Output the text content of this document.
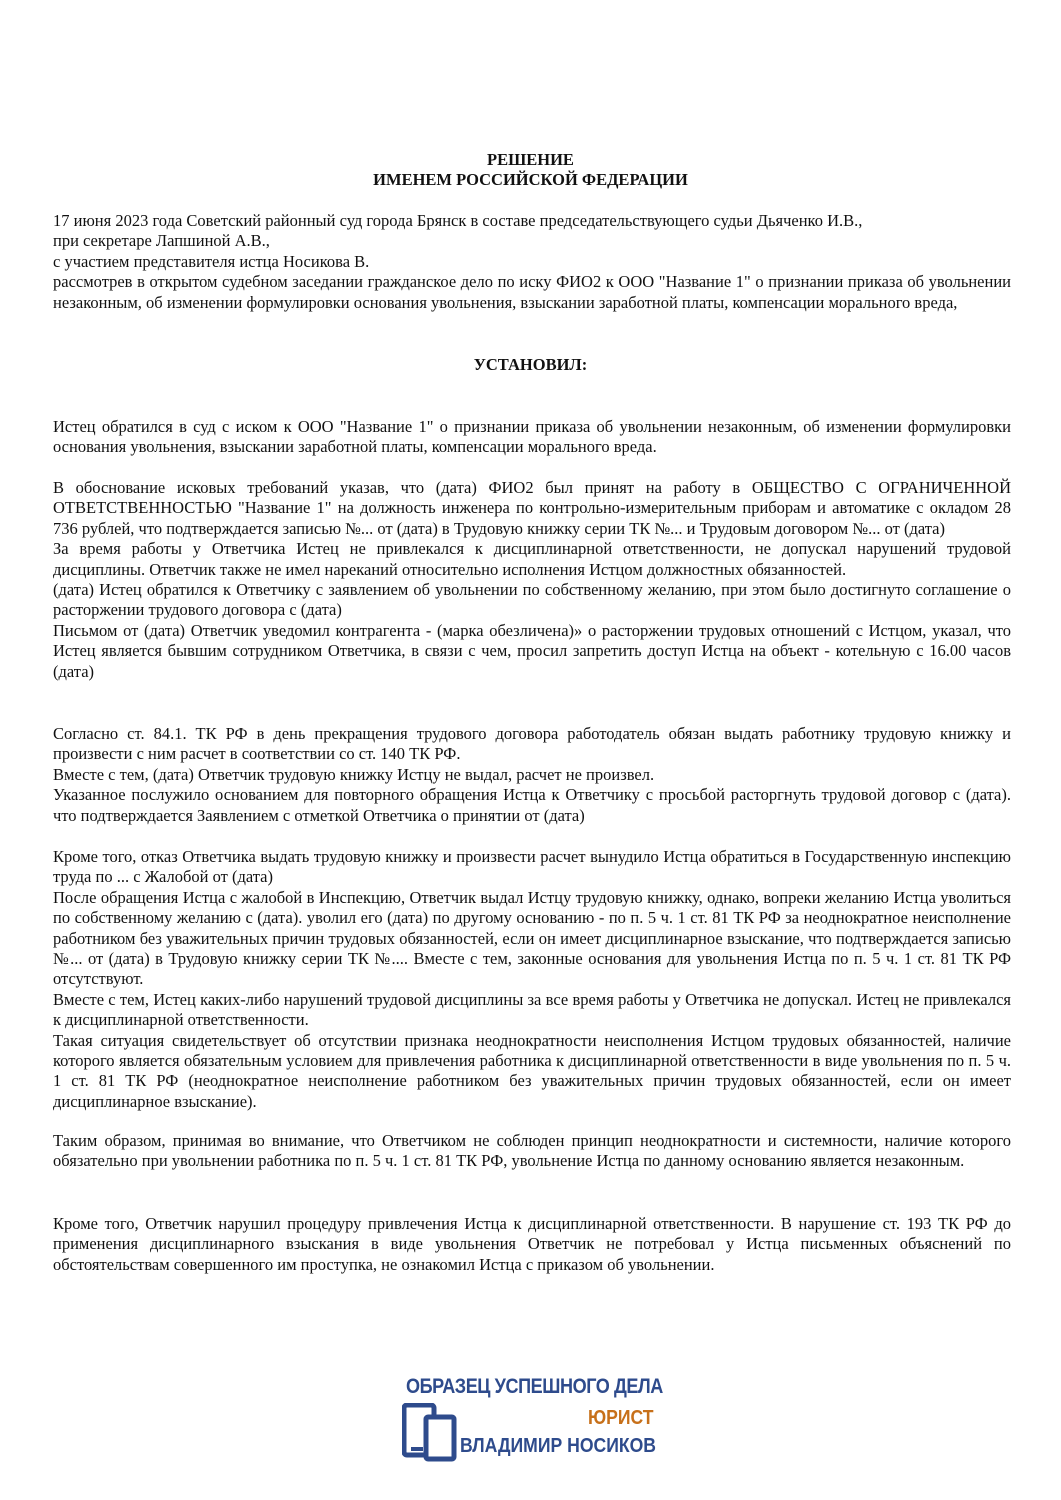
РЕШЕНИЕ
ИМЕНЕМ РОССИЙСКОЙ ФЕДЕРАЦИИ

17 июня 2023 года Советский районный суд города Брянск в составе председательствующего судьи Дьяченко И.В.,

при секретаре Лапшиной А.В.,

с участием представителя истца Носикова В.

рассмотрев в открытом судебном заседании гражданское дело по иску ФИО2 к ООО "Название 1" о признании приказа об увольнении незаконным, об изменении формулировки основания увольнения, взыскании заработной платы, компенсации морального вреда,

УСТАНОВИЛ:

Истец обратился в суд с иском к ООО "Название 1" о признании приказа об увольнении незаконным, об изменении формулировки основания увольнения, взыскании заработной платы, компенсации морального вреда.

В обоснование исковых требований указав, что (дата) ФИО2 был принят на работу в ОБЩЕСТВО С ОГРАНИЧЕННОЙ ОТВЕТСТВЕННОСТЬЮ "Название 1" на должность инженера по контрольно-измерительным приборам и автоматике с окладом 28 736 рублей, что подтверждается записью №... от (дата) в Трудовую книжку серии ТК №... и Трудовым договором №... от (дата)

За время работы у Ответчика Истец не привлекался к дисциплинарной ответственности, не допускал нарушений трудовой дисциплины. Ответчик также не имел нареканий относительно исполнения Истцом должностных обязанностей.

(дата) Истец обратился к Ответчику с заявлением об увольнении по собственному желанию, при этом было достигнуто соглашение о расторжении трудового договора с (дата)

Письмом от (дата) Ответчик уведомил контрагента - (марка обезличена)» о расторжении трудовых отношений с Истцом, указал, что Истец является бывшим сотрудником Ответчика, в связи с чем, просил запретить доступ Истца на объект - котельную с 16.00 часов (дата)

Согласно ст. 84.1. ТК РФ в день прекращения трудового договора работодатель обязан выдать работнику трудовую книжку и произвести с ним расчет в соответствии со ст. 140 ТК РФ.

Вместе с тем, (дата) Ответчик трудовую книжку Истцу не выдал, расчет не произвел.

Указанное послужило основанием для повторного обращения Истца к Ответчику с просьбой расторгнуть трудовой договор с (дата). что подтверждается Заявлением с отметкой Ответчика о принятии от (дата)

Кроме того, отказ Ответчика выдать трудовую книжку и произвести расчет вынудило Истца обратиться в Государственную инспекцию труда по ... с Жалобой от (дата)

После обращения Истца с жалобой в Инспекцию, Ответчик выдал Истцу трудовую книжку, однако, вопреки желанию Истца уволиться по собственному желанию с (дата). уволил его (дата) по другому основанию - по п. 5 ч. 1 ст. 81 ТК РФ за неоднократное неисполнение работником без уважительных причин трудовых обязанностей, если он имеет дисциплинарное взыскание, что подтверждается записью №... от (дата) в Трудовую книжку серии ТК №.... Вместе с тем, законные основания для увольнения Истца по п. 5 ч. 1 ст. 81 ТК РФ отсутствуют.

Вместе с тем, Истец каких-либо нарушений трудовой дисциплины за все время работы у Ответчика не допускал. Истец не привлекался к дисциплинарной ответственности.

Такая ситуация свидетельствует об отсутствии признака неоднократности неисполнения Истцом трудовых обязанностей, наличие которого является обязательным условием для привлечения работника к дисциплинарной ответственности в виде увольнения по п. 5 ч. 1 ст. 81 ТК РФ (неоднократное неисполнение работником без уважительных причин трудовых обязанностей, если он имеет дисциплинарное взыскание).

Таким образом, принимая во внимание, что Ответчиком не соблюден принцип неоднократности и системности, наличие которого обязательно при увольнении работника по п. 5 ч. 1 ст. 81 ТК РФ, увольнение Истца по данному основанию является незаконным.

Кроме того, Ответчик нарушил процедуру привлечения Истца к дисциплинарной ответственности. В нарушение ст. 193 ТК РФ до применения дисциплинарного взыскания в виде увольнения Ответчик не потребовал у Истца письменных объяснений по обстоятельствам совершенного им проступка, не ознакомил Истца с приказом об увольнении.

ОБРАЗЕЦ УСПЕШНОГО ДЕЛА
ЮРИСТ
ВЛАДИМИР НОСИКОВ
